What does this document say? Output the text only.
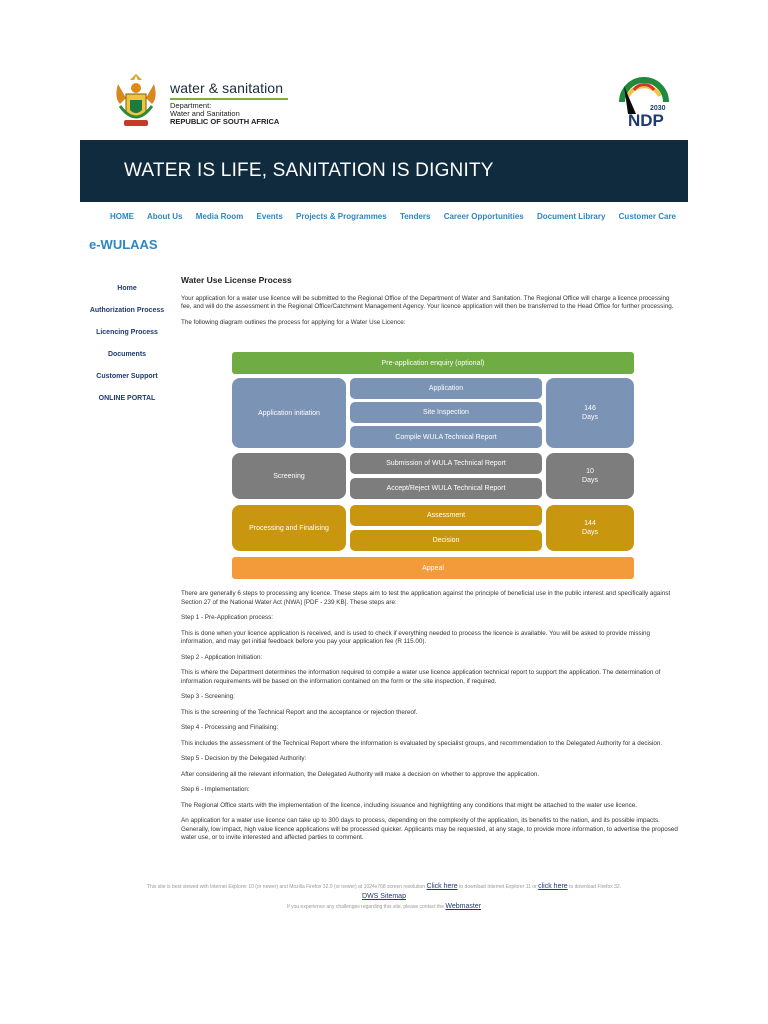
water & sanitation
Department:
Water and Sanitation
REPUBLIC OF SOUTH AFRICA
2030
NDP
WATER IS LIFE, SANITATION IS DIGNITY
HOME About Us Media Room Events Projects & Programmes Tenders Career Opportunities Document Library Customer Care
e-WULAAS
Home
Authorization Process
Licencing Process
Documents
Customer Support
ONLINE PORTAL
Water Use License Process

Your application for a water use licence will be submitted to the Regional Office of the Department of Water and Sanitation. The Regional Office will charge a licence processing fee, and will do the assessment in the Regional Office/Catchment Management Agency. Your licence application will then be transferred to the Head Office for further processing.

The following diagram outlines the process for applying for a Water Use Licence:

Pre-application enquiry (optional)
Application initiation
Application
Site Inspection
Compile WULA Technical Report
146
Days
Screening
Submission of WULA Technical Report
Accept/Reject WULA Technical Report
10
Days
Processing and Finalising
Assessment
Decision
144
Days
Appeal

There are generally 6 steps to processing any licence. These steps aim to test the application against the principle of beneficial use in the public interest and specifically against Section 27 of the National Water Act (NWA) [PDF - 239 KB]. These steps are:

Step 1 - Pre-Application process:

This is done when your licence application is received, and is used to check if everything needed to process the licence is available. You will be asked to provide missing information, and may get initial feedback before you pay your application fee (R 115.00).

Step 2 - Application Initiation:

This is where the Department determines the information required to compile a water use licence application technical report to support the application. The determination of information requirements will be based on the information contained on the form or the site inspection, if required.

Step 3 - Screening:

This is the screening of the Technical Report and the acceptance or rejection thereof.

Step 4 - Processing and Finalising:

This includes the assessment of the Technical Report where the information is evaluated by specialist groups, and recommendation to the Delegated Authority for a decision.

Step 5 - Decision by the Delegated Authority:

After considering all the relevant information, the Delegated Authority will make a decision on whether to approve the application.

Step 6 - Implementation:

The Regional Office starts with the implementation of the licence, including issuance and highlighting any conditions that might be attached to the water use licence.

An application for a water use licence can take up to 300 days to process, depending on the complexity of the application, its benefits to the nation, and its possible impacts. Generally, low impact, high value licence applications will be processed quicker. Applicants may be requested, at any stage, to provide more information, to advertise the proposed water use, or to invite interested and affected parties to comment.

This site is best viewed with Internet Explorer 10 (or newer) and Mozilla Firefox 32.0 (or newer) at 1024x768 screen resolution Click here to download Internet Explorer 11 or click here to download Firefox 32.
DWS Sitemap
If you experience any challenges regarding this site, please contact the Webmaster
